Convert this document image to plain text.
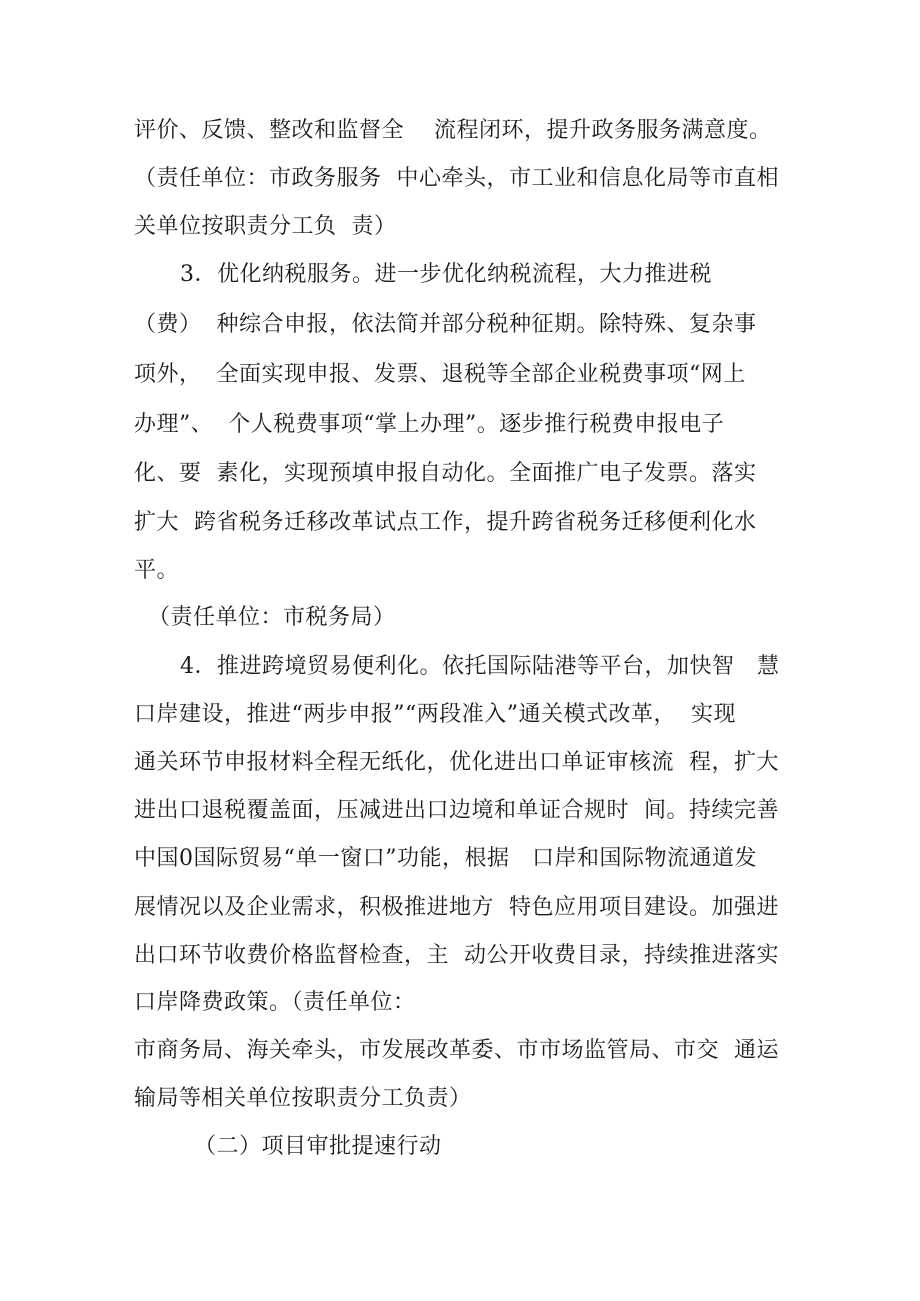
评价、反馈、整改和监督全　 流程闭环，提升政务服务满意度。
（责任单位：市政务服务  中心牵头，市工业和信息化局等市直相
关单位按职责分工负  责）
3．优化纳税服务。进一步优化纳税流程，大力推进税
（费）  种综合申报，依法简并部分税种征期。除特殊、复杂事
项外，  全面实现申报、发票、退税等全部企业税费事项“网上
办理”、  个人税费事项“掌上办理”。逐步推行税费申报电子
化、要  素化，实现预填申报自动化。全面推广电子发票。落实
扩大  跨省税务迁移改革试点工作，提升跨省税务迁移便利化水
平。
（责任单位：市税务局）
4．推进跨境贸易便利化。依托国际陆港等平台，加快智   慧
口岸建设，推进“两步申报”“两段准入”通关模式改革，  实现
通关环节申报材料全程无纸化，优化进出口单证审核流  程，扩大
进出口退税覆盖面，压减进出口边境和单证合规时  间。持续完善
中国0国际贸易“单一窗口”功能，根据   口岸和国际物流通道发
展情况以及企业需求，积极推进地方  特色应用项目建设。加强进
出口环节收费价格监督检查，主  动公开收费目录，持续推进落实
口岸降费政策。（责任单位：
市商务局、海关牵头，市发展改革委、市市场监管局、市交  通运
输局等相关单位按职责分工负责）
（二）项目审批提速行动
